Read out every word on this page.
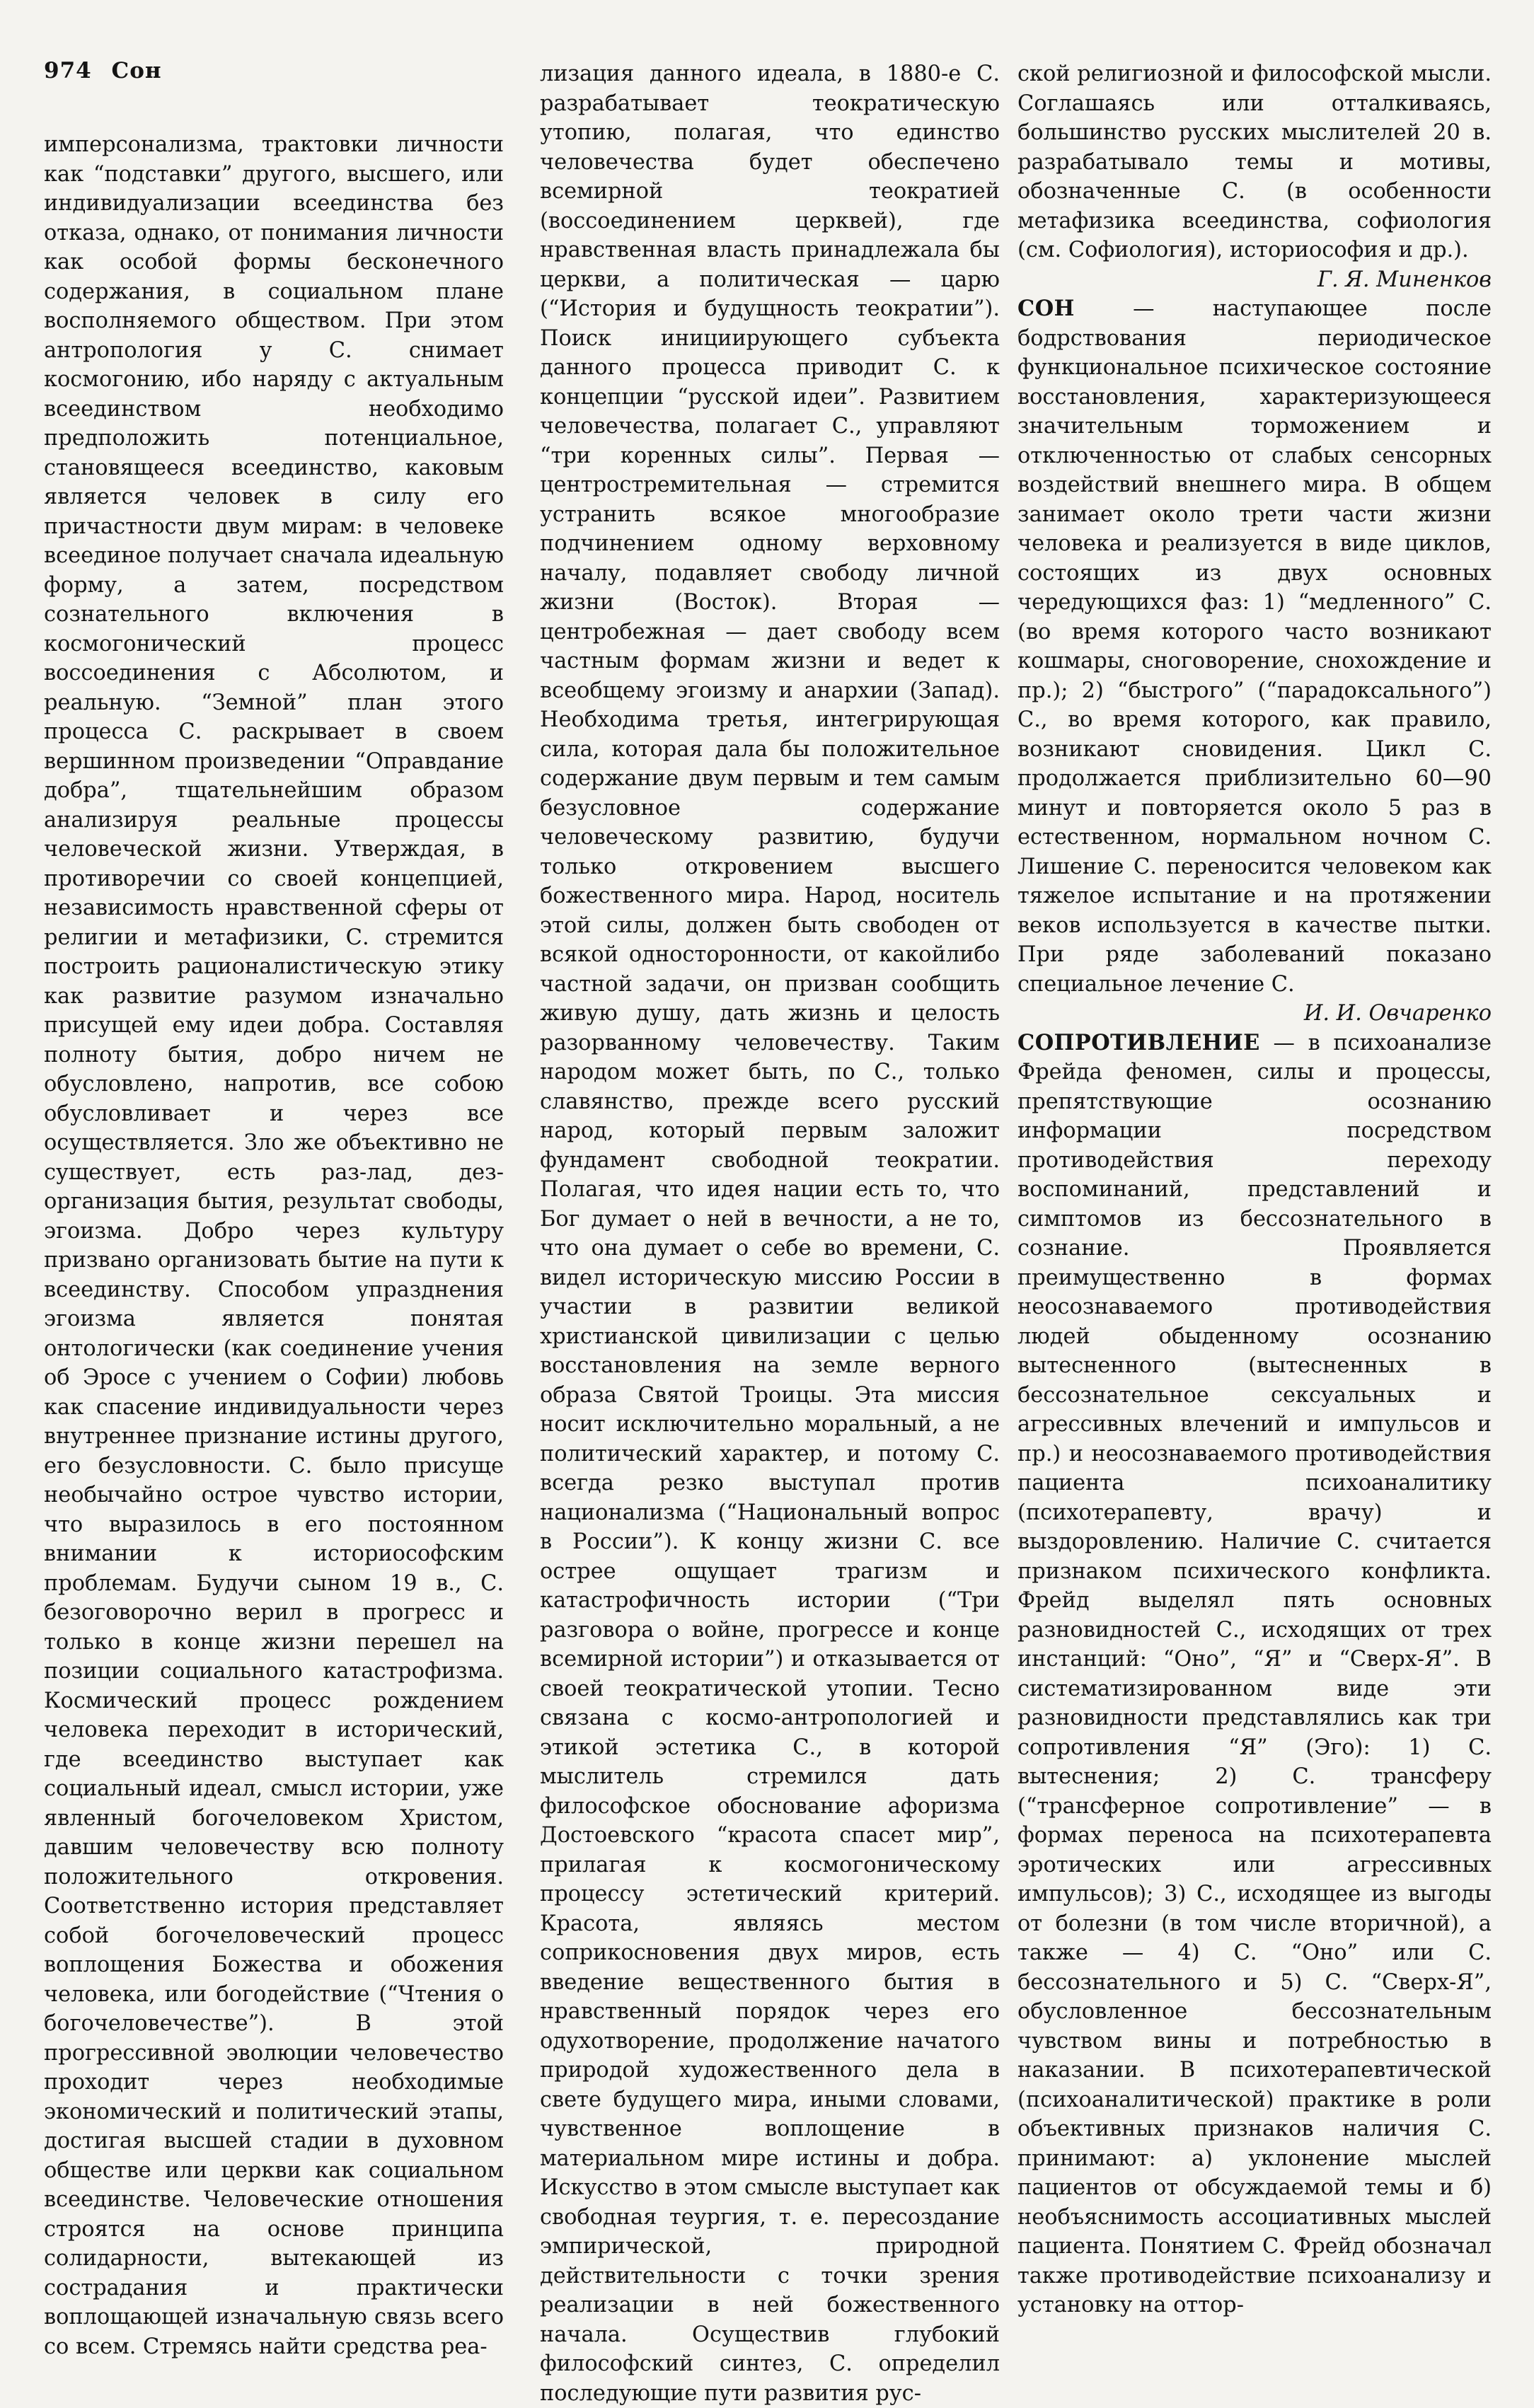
974 Сон

имперсонализма, трактовки личности как “подставки” другого, высшего, или индивидуализации всеединства без отказа, однако, от понимания личности как особой формы бесконечного содержания, в социальном плане восполняемого обществом. При этом антропология у С. снимает космогонию, ибо наряду с актуальным всеединством необходимо предположить потенциальное, становящееся всеединство, каковым является человек в силу его причастности двум мирам: в человеке всеединое получает сначала идеальную форму, а затем, посредством сознательного включения в космогонический процесс воссоединения с Абсолютом, и реальную. “Земной” план этого процесса С. раскрывает в своем вершинном произведении “Оправдание добра”, тщательнейшим образом анализируя реальные процессы человеческой жизни. Утверждая, в противоречии со своей концепцией, независимость нравственной сферы от религии и метафизики, С. стремится построить рационалистическую этику как развитие разумом изначально присущей ему идеи добра. Составляя полноту бытия, добро ничем не обусловлено, напротив, все собою обусловливает и через все осуществляется. Зло же объективно не существует, есть раз-лад, дез-организация бытия, результат свободы, эгоизма. Добро через культуру призвано организовать бытие на пути к всеединству. Способом упразднения эгоизма является понятая онтологически (как соединение учения об Эросе с учением о Софии) любовь как спасение индивидуальности через внутреннее признание истины другого, его безусловности. С. было присуще необычайно острое чувство истории, что выразилось в его постоянном внимании к историософским проблемам. Будучи сыном 19 в., С. безоговорочно верил в прогресс и только в конце жизни перешел на позиции социального катастрофизма. Космический процесс рождением человека переходит в исторический, где всеединство выступает как социальный идеал, смысл истории, уже явленный богочеловеком Христом, давшим человечеству всю полноту положительного откровения. Соответственно история представляет собой богочеловеческий процесс воплощения Божества и обожения человека, или богодействие (“Чтения о богочеловечестве”). В этой прогрессивной эволюции человечество проходит через необходимые экономический и политический этапы, достигая высшей стадии в духовном обществе или церкви как социальном всеединстве. Человеческие отношения строятся на основе принципа солидарности, вытекающей из сострадания и практически воплощающей изначальную связь всего со всем. Стремясь найти средства реа-

лизация данного идеала, в 1880-е С. разрабатывает теократическую утопию, полагая, что единство человечества будет обеспечено всемирной теократией (воссоединением церквей), где нравственная власть принадлежала бы церкви, а политическая — царю (“История и будущность теократии”). Поиск инициирующего субъекта данного процесса приводит С. к концепции “русской идеи”. Развитием человечества, полагает С., управляют “три коренных силы”. Первая — центростремительная — стремится устранить всякое многообразие подчинением одному верховному началу, подавляет свободу личной жизни (Восток). Вторая — центробежная — дает свободу всем частным формам жизни и ведет к всеобщему эгоизму и анархии (Запад). Необходима третья, интегрирующая сила, которая дала бы положительное содержание двум первым и тем самым безусловное содержание человеческому развитию, будучи только откровением высшего божественного мира. Народ, носитель этой силы, должен быть свободен от всякой односторонности, от какойлибо частной задачи, он призван сообщить живую душу, дать жизнь и целость разорванному человечеству. Таким народом может быть, по С., только славянство, прежде всего русский народ, который первым заложит фундамент свободной теократии. Полагая, что идея нации есть то, что Бог думает о ней в вечности, а не то, что она думает о себе во времени, С. видел историческую миссию России в участии в развитии великой христианской цивилизации с целью восстановления на земле верного образа Святой Троицы. Эта миссия носит исключительно моральный, а не политический характер, и потому С. всегда резко выступал против национализма (“Национальный вопрос в России”). К концу жизни С. все острее ощущает трагизм и катастрофичность истории (“Три разговора о войне, прогрессе и конце всемирной истории”) и отказывается от своей теократической утопии. Тесно связана с космо-антропологией и этикой эстетика С., в которой мыслитель стремился дать философское обоснование афоризма Достоевского “красота спасет мир”, прилагая к космогоническому процессу эстетический критерий. Красота, являясь местом соприкосновения двух миров, есть введение вещественного бытия в нравственный порядок через его одухотворение, продолжение начатого природой художественного дела в свете будущего мира, иными словами, чувственное воплощение в материальном мире истины и добра. Искусство в этом смысле выступает как свободная теургия, т. е. пересоздание эмпирической, природной действительности с точки зрения реализации в ней божественного начала. Осуществив глубокий философский синтез, С. определил последующие пути развития рус-

ской религиозной и философской мысли. Соглашаясь или отталкиваясь, большинство русских мыслителей 20 в. разрабатывало темы и мотивы, обозначенные С. (в особенности метафизика всеединства, софиология (см. Софиология), историософия и др.).

Г. Я. Миненков

СОН — наступающее после бодрствования периодическое функциональное психическое состояние восстановления, характеризующееся значительным торможением и отключенностью от слабых сенсорных воздействий внешнего мира. В общем занимает около трети части жизни человека и реализуется в виде циклов, состоящих из двух основных чередующихся фаз: 1) “медленного” С. (во время которого часто возникают кошмары, сноговорение, снохождение и пр.); 2) “быстрого” (“парадоксального”) С., во время которого, как правило, возникают сновидения. Цикл С. продолжается приблизительно 60—90 минут и повторяется около 5 раз в естественном, нормальном ночном С. Лишение С. переносится человеком как тяжелое испытание и на протяжении веков используется в качестве пытки. При ряде заболеваний показано специальное лечение С.

И. И. Овчаренко

СОПРОТИВЛЕНИЕ — в психоанализе Фрейда феномен, силы и процессы, препятствующие осознанию информации посредством противодействия переходу воспоминаний, представлений и симптомов из бессознательного в сознание. Проявляется преимущественно в формах неосознаваемого противодействия людей обыденному осознанию вытесненного (вытесненных в бессознательное сексуальных и агрессивных влечений и импульсов и пр.) и неосознаваемого противодействия пациента психоаналитику (психотерапевту, врачу) и выздоровлению. Наличие С. считается признаком психического конфликта. Фрейд выделял пять основных разновидностей С., исходящих от трех инстанций: “Оно”, “Я” и “Сверх-Я”. В систематизированном виде эти разновидности представлялись как три сопротивления “Я” (Эго): 1) С. вытеснения; 2) С. трансферу (“трансферное сопротивление” — в формах переноса на психотерапевта эротических или агрессивных импульсов); 3) С., исходящее из выгоды от болезни (в том числе вторичной), а также — 4) С. “Оно” или С. бессознательного и 5) С. “Сверх-Я”, обусловленное бессознательным чувством вины и потребностью в наказании. В психотерапевтической (психоаналитической) практике в роли объективных признаков наличия С. принимают: а) уклонение мыслей пациентов от обсуждаемой темы и б) необъяснимость ассоциативных мыслей пациента. Понятием С. Фрейд обозначал также противодействие психоанализу и установку на оттор-
